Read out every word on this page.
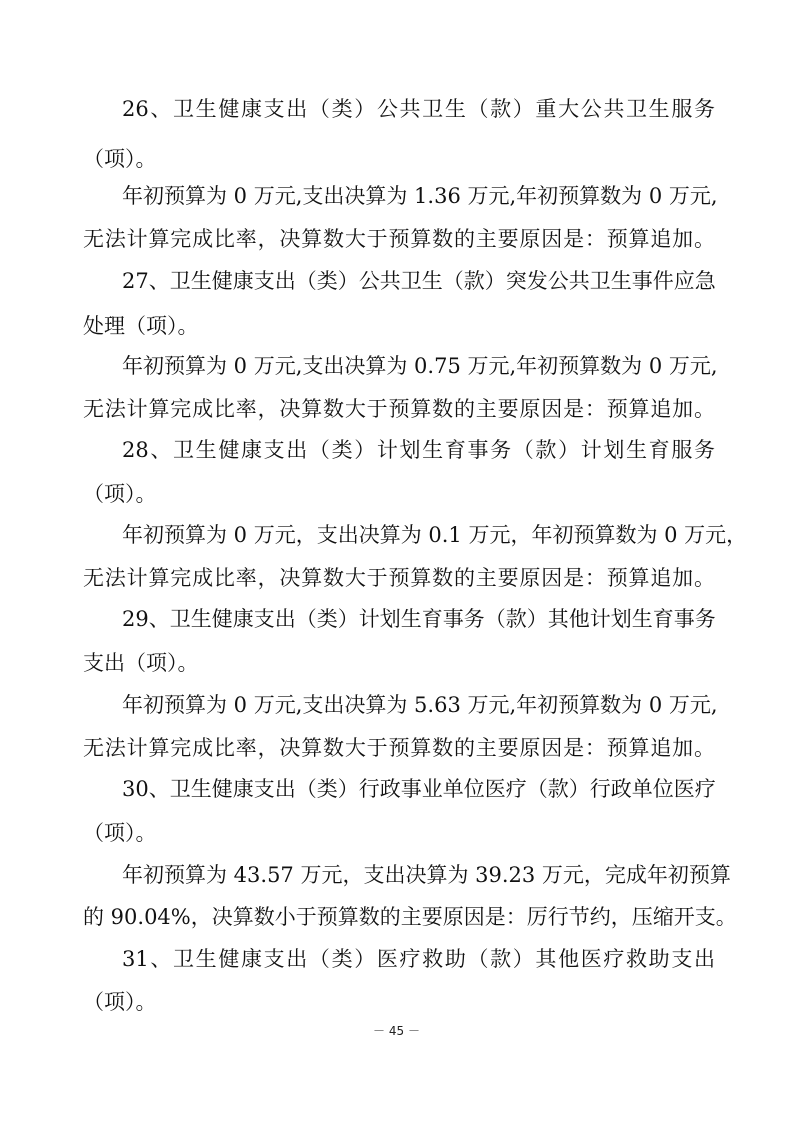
26、卫生健康支出（类）公共卫生（款）重大公共卫生服务
（项）。
年初预算为 0 万元,支出决算为 1.36 万元,年初预算数为 0 万元,
无法计算完成比率，决算数大于预算数的主要原因是：预算追加。
27、卫生健康支出（类）公共卫生（款）突发公共卫生事件应急
处理（项）。
年初预算为 0 万元,支出决算为 0.75 万元,年初预算数为 0 万元,
无法计算完成比率，决算数大于预算数的主要原因是：预算追加。
28、卫生健康支出（类）计划生育事务（款）计划生育服务
（项）。
年初预算为 0 万元，支出决算为 0.1 万元，年初预算数为 0 万元，
无法计算完成比率，决算数大于预算数的主要原因是：预算追加。
29、卫生健康支出（类）计划生育事务（款）其他计划生育事务
支出（项）。
年初预算为 0 万元,支出决算为 5.63 万元,年初预算数为 0 万元,
无法计算完成比率，决算数大于预算数的主要原因是：预算追加。
30、卫生健康支出（类）行政事业单位医疗（款）行政单位医疗
（项）。
年初预算为 43.57 万元，支出决算为 39.23 万元，完成年初预算
的 90.04%，决算数小于预算数的主要原因是：厉行节约，压缩开支。
31、卫生健康支出（类）医疗救助（款）其他医疗救助支出
（项）。
－ 45 －
